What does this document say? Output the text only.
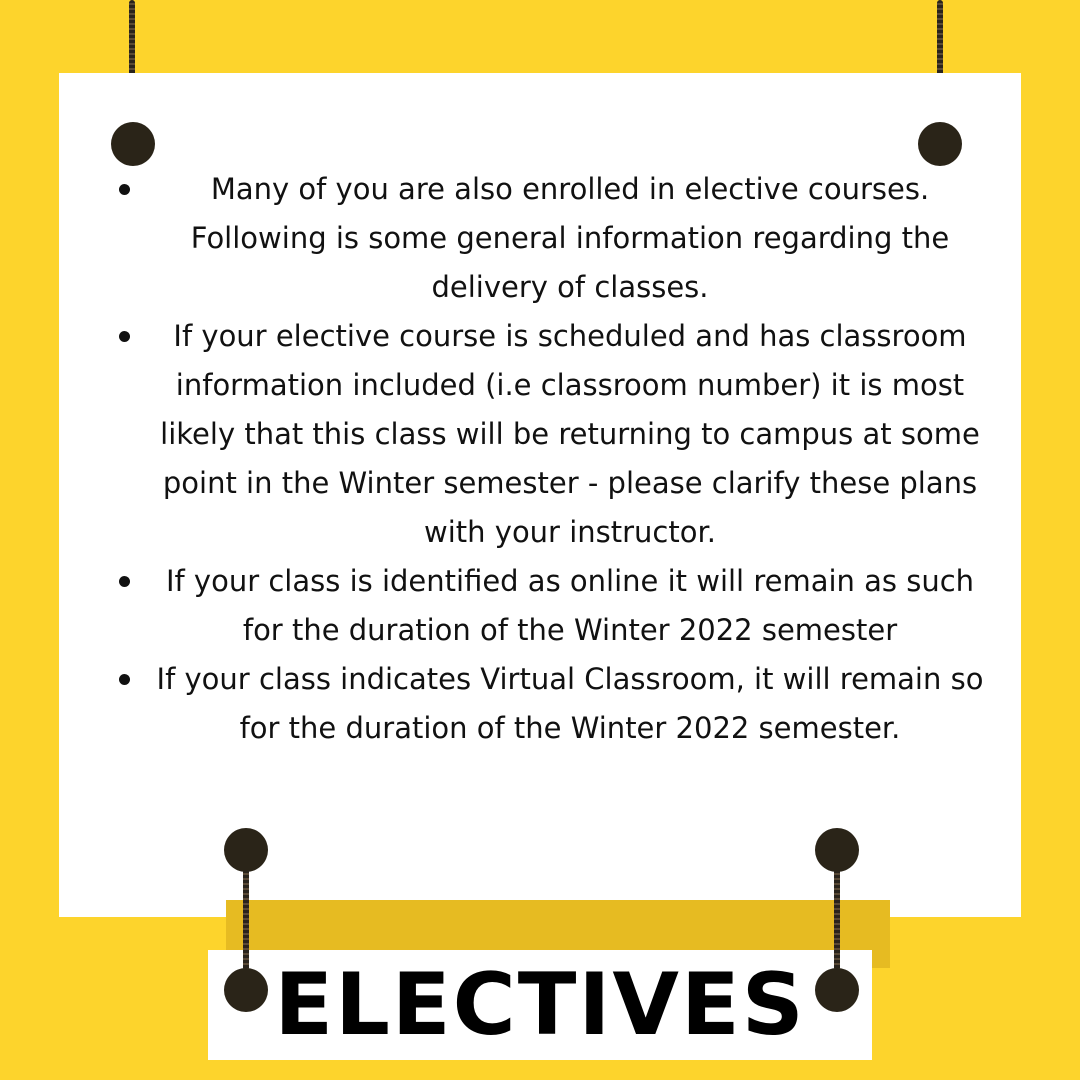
Many of you are also enrolled in elective courses. Following is some general information regarding the delivery of classes.
If your elective course is scheduled and has classroom information included (i.e classroom number) it is most likely that this class will be returning to campus at some point in the Winter semester - please clarify these plans with your instructor.
If your class is identified as online it will remain as such for the duration of the Winter 2022 semester
If your class indicates Virtual Classroom, it will remain so for the duration of the Winter 2022 semester.
ELECTIVES
